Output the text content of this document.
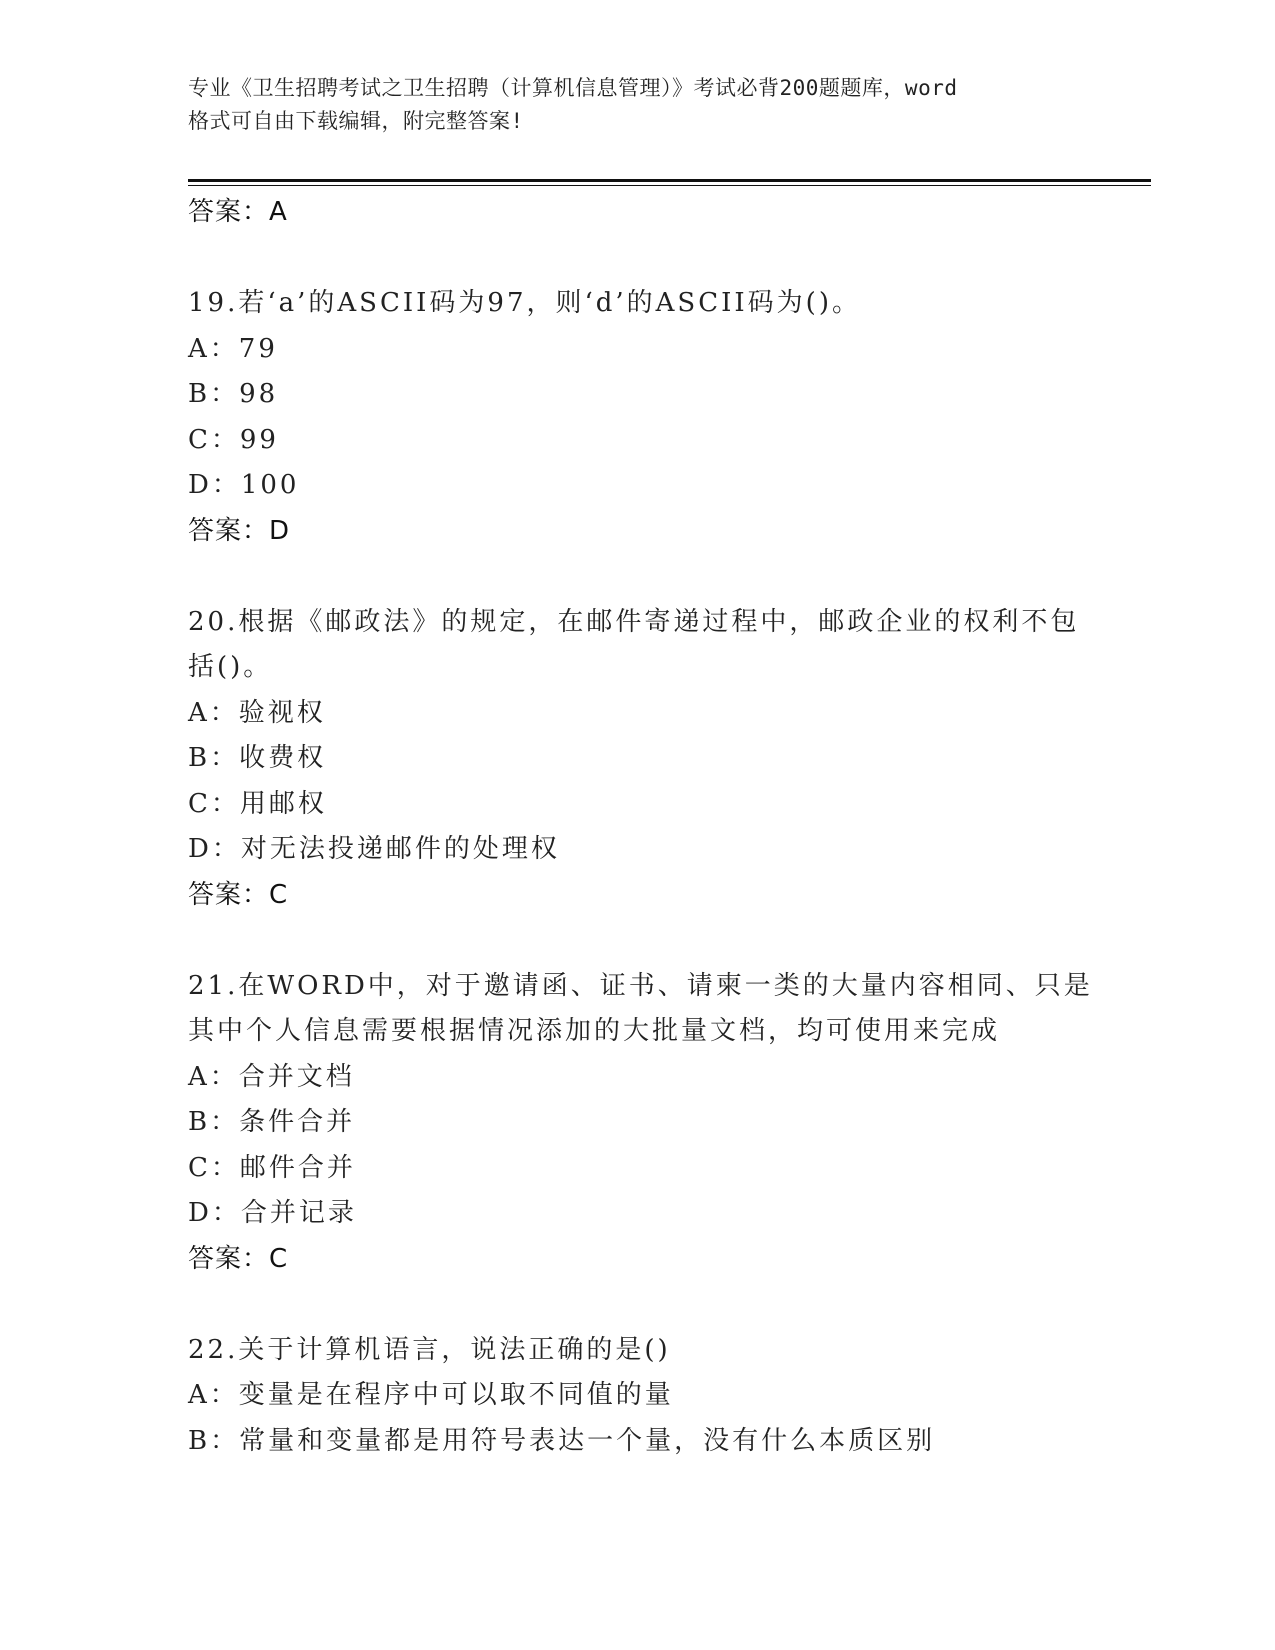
专业《卫生招聘考试之卫生招聘（计算机信息管理）》考试必背200题题库，word
格式可自由下载编辑，附完整答案!
答案：A
19.若‘a’的ASCII码为97，则‘d’的ASCII码为()。
A：79
B：98
C：99
D：100
答案：D
20.根据《邮政法》的规定，在邮件寄递过程中，邮政企业的权利不包
括()。
A：验视权
B：收费权
C：用邮权
D：对无法投递邮件的处理权
答案：C
21.在WORD中，对于邀请函、证书、请柬一类的大量内容相同、只是
其中个人信息需要根据情况添加的大批量文档，均可使用来完成
A：合并文档
B：条件合并
C：邮件合并
D：合并记录
答案：C
22.关于计算机语言，说法正确的是()
A：变量是在程序中可以取不同值的量
B：常量和变量都是用符号表达一个量，没有什么本质区别
